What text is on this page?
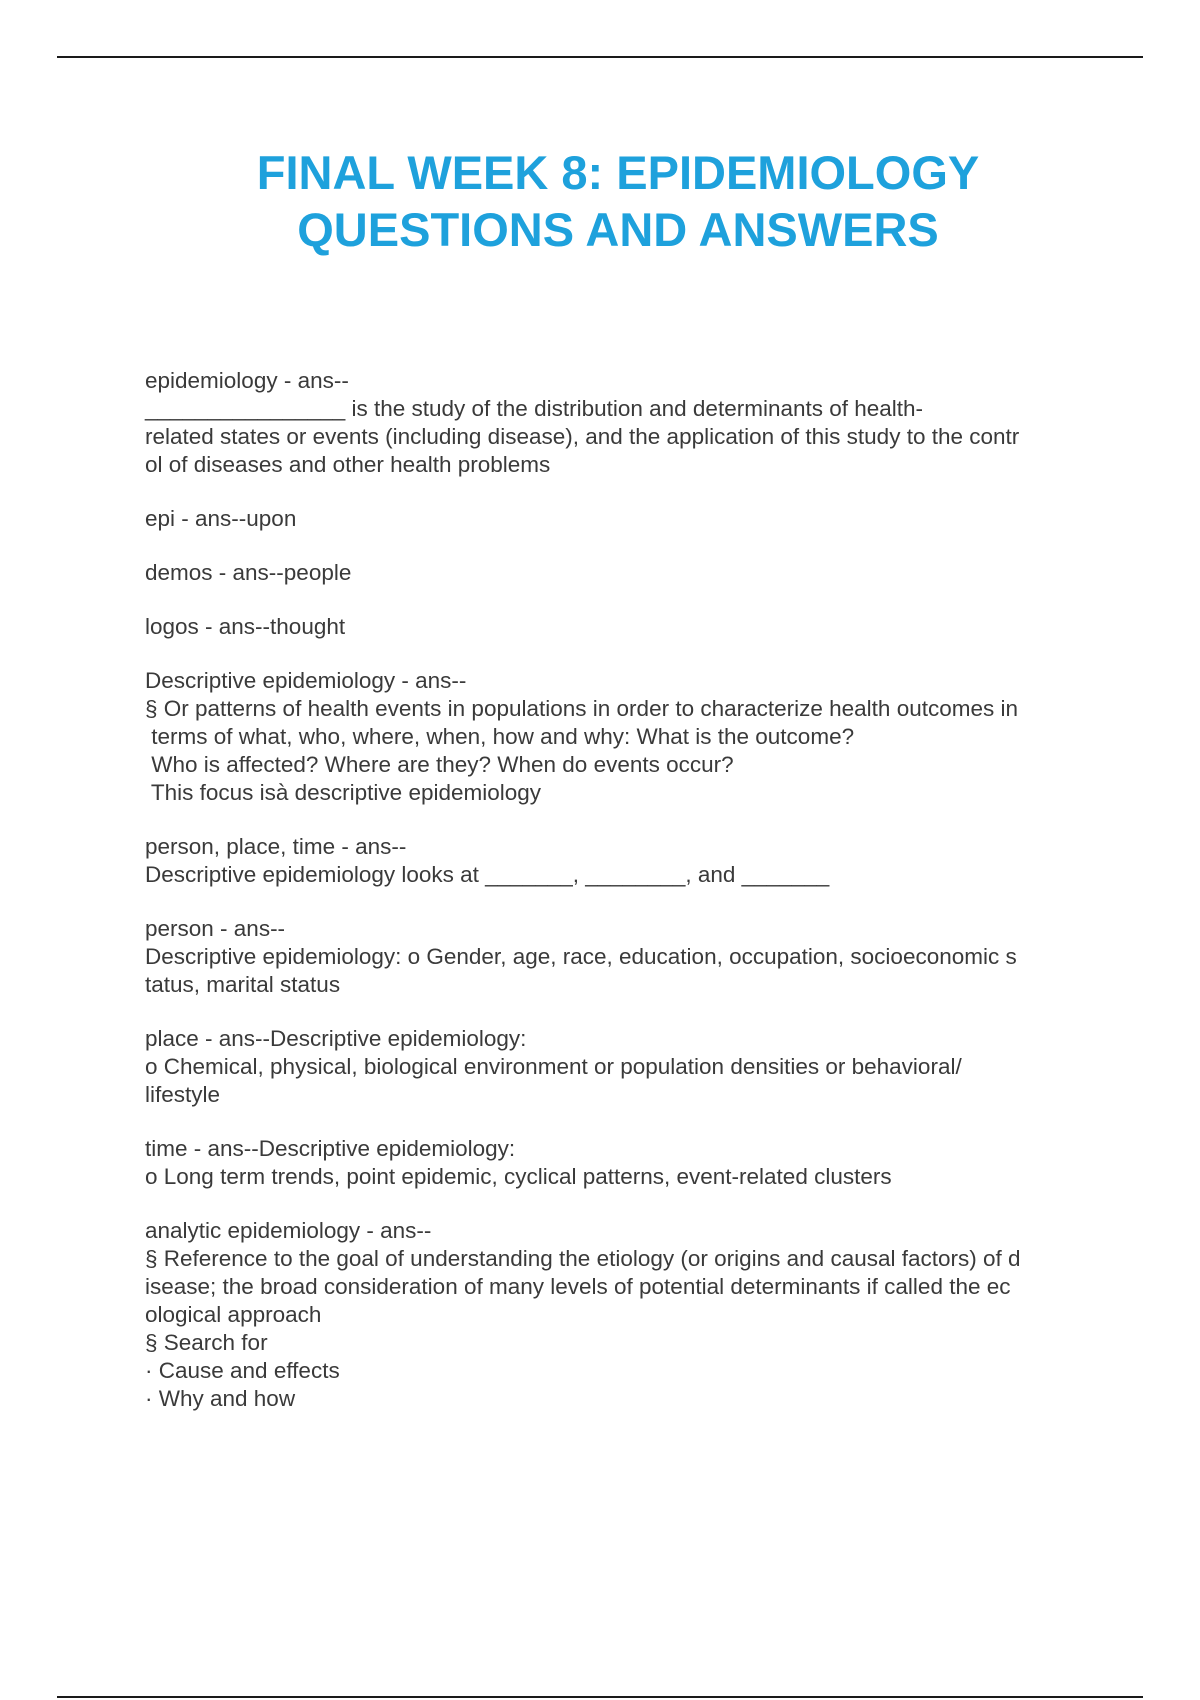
FINAL WEEK 8: EPIDEMIOLOGY
QUESTIONS AND ANSWERS
epidemiology - ans--
________________ is the study of the distribution and determinants of health-
related states or events (including disease), and the application of this study to the contr
ol of diseases and other health problems
epi - ans--upon
demos - ans--people
logos - ans--thought
Descriptive epidemiology - ans--
§ Or patterns of health events in populations in order to characterize health outcomes in
terms of what, who, where, when, how and why: What is the outcome?
Who is affected? Where are they? When do events occur?
This focus isà descriptive epidemiology
person, place, time - ans--
Descriptive epidemiology looks at _______, ________, and _______
person - ans--
Descriptive epidemiology: o Gender, age, race, education, occupation, socioeconomic s
tatus, marital status
place - ans--Descriptive epidemiology:
o Chemical, physical, biological environment or population densities or behavioral/
lifestyle
time - ans--Descriptive epidemiology:
o Long term trends, point epidemic, cyclical patterns, event-related clusters
analytic epidemiology - ans--
§ Reference to the goal of understanding the etiology (or origins and causal factors) of d
isease; the broad consideration of many levels of potential determinants if called the ec
ological approach
§ Search for
· Cause and effects
· Why and how
